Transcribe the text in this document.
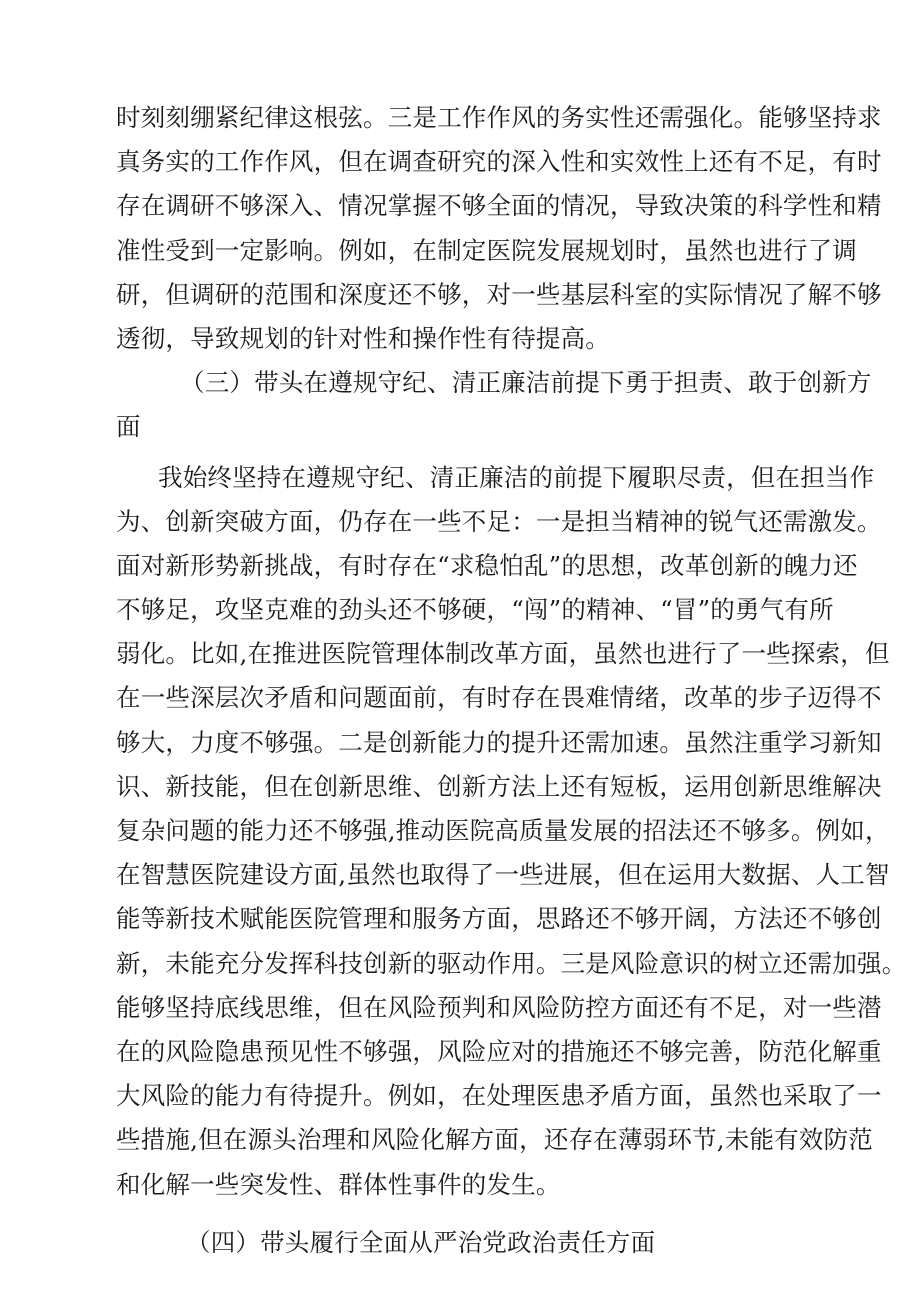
时刻刻绷紧纪律这根弦。三是工作作风的务实性还需强化。能够坚持求
真务实的工作作风，但在调查研究的深入性和实效性上还有不足，有时
存在调研不够深入、情况掌握不够全面的情况，导致决策的科学性和精
准性受到一定影响。例如，在制定医院发展规划时，虽然也进行了调
研，但调研的范围和深度还不够，对一些基层科室的实际情况了解不够
透彻，导致规划的针对性和操作性有待提高。
（三）带头在遵规守纪、清正廉洁前提下勇于担责、敢于创新方
面
我始终坚持在遵规守纪、清正廉洁的前提下履职尽责，但在担当作
为、创新突破方面，仍存在一些不足：一是担当精神的锐气还需激发。
面对新形势新挑战，有时存在“求稳怕乱”的思想，改革创新的魄力还
不够足，攻坚克难的劲头还不够硬，“闯”的精神、“冒”的勇气有所
弱化。比如,在推进医院管理体制改革方面，虽然也进行了一些探索，但
在一些深层次矛盾和问题面前，有时存在畏难情绪，改革的步子迈得不
够大，力度不够强。二是创新能力的提升还需加速。虽然注重学习新知
识、新技能，但在创新思维、创新方法上还有短板，运用创新思维解决
复杂问题的能力还不够强,推动医院高质量发展的招法还不够多。例如，
在智慧医院建设方面,虽然也取得了一些进展，但在运用大数据、人工智
能等新技术赋能医院管理和服务方面，思路还不够开阔，方法还不够创
新，未能充分发挥科技创新的驱动作用。三是风险意识的树立还需加强。
能够坚持底线思维，但在风险预判和风险防控方面还有不足，对一些潜
在的风险隐患预见性不够强，风险应对的措施还不够完善，防范化解重
大风险的能力有待提升。例如，在处理医患矛盾方面，虽然也采取了一
些措施,但在源头治理和风险化解方面，还存在薄弱环节,未能有效防范
和化解一些突发性、群体性事件的发生。
（四）带头履行全面从严治党政治责任方面
